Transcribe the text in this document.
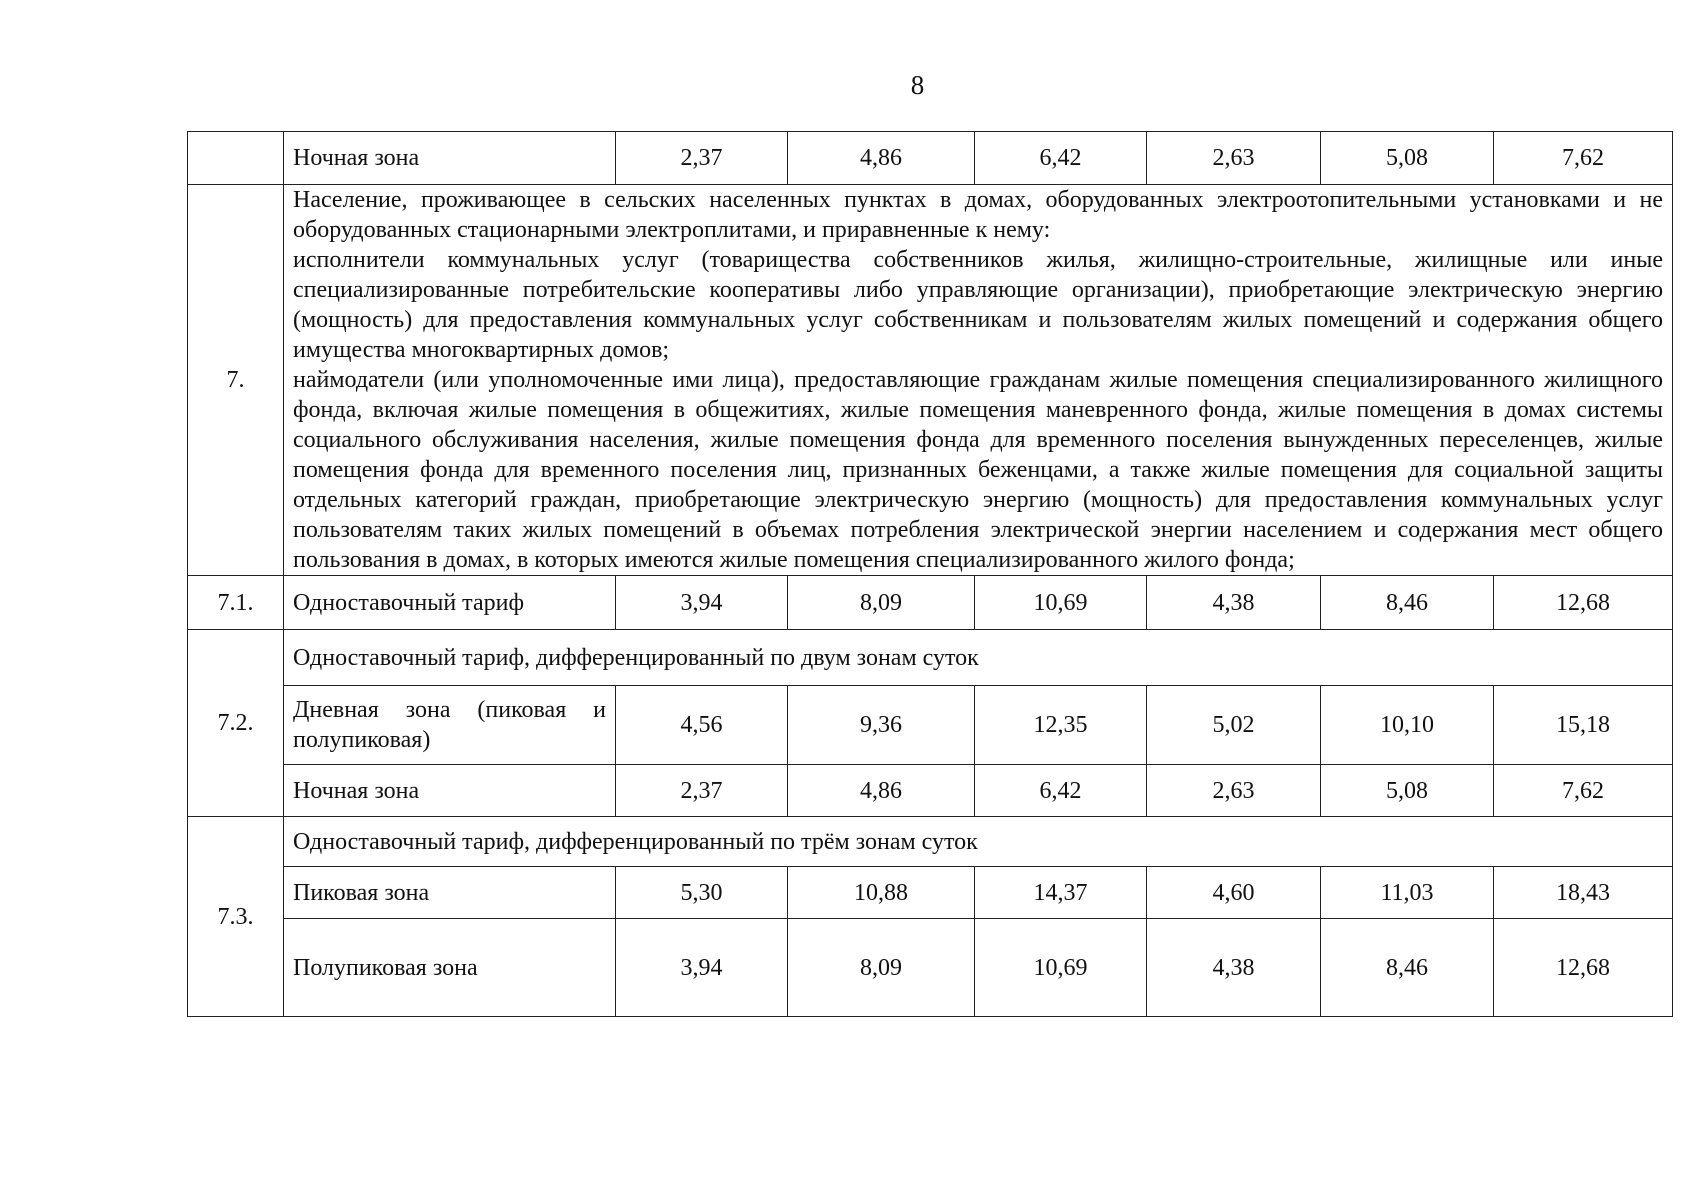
8
	Ночная зона	2,37	4,86	6,42	2,63	5,08	7,62
7.	Население, проживающее в сельских населенных пунктах в домах, оборудованных электроотопительными установками и не оборудованных стационарными электроплитами, и приравненные к нему:

исполнители коммунальных услуг (товарищества собственников жилья, жилищно-строительные, жилищные или иные специализированные потребительские кооперативы либо управляющие организации), приобретающие электрическую энергию (мощность) для предоставления коммунальных услуг собственникам и пользователям жилых помещений и содержания общего имущества многоквартирных домов;

наймодатели (или уполномоченные ими лица), предоставляющие гражданам жилые помещения специализированного жилищного фонда, включая жилые помещения в общежитиях, жилые помещения маневренного фонда, жилые помещения в домах системы социального обслуживания населения, жилые помещения фонда для временного поселения вынужденных переселенцев, жилые помещения фонда для временного поселения лиц, признанных беженцами, а также жилые помещения для социальной защиты отдельных категорий граждан, приобретающие электрическую энергию (мощность) для предоставления коммунальных услуг пользователям таких жилых помещений в объемах потребления электрической энергии населением и содержания мест общего пользования в домах, в которых имеются жилые помещения специализированного жилого фонда;						

7.1.	Одноставочный тариф	3,94	8,09	10,69	4,38	8,46	12,68
7.2.	Одноставочный тариф, дифференцированный по двум зонам суток						
	Дневная зона (пиковая и полупиковая)	4,56	9,36	12,35	5,02	10,10	15,18
	Ночная зона	2,37	4,86	6,42	2,63	5,08	7,62
7.3.	Одноставочный тариф, дифференцированный по трём зонам суток						
	Пиковая зона	5,30	10,88	14,37	4,60	11,03	18,43
	Полупиковая зона	3,94	8,09	10,69	4,38	8,46	12,68
